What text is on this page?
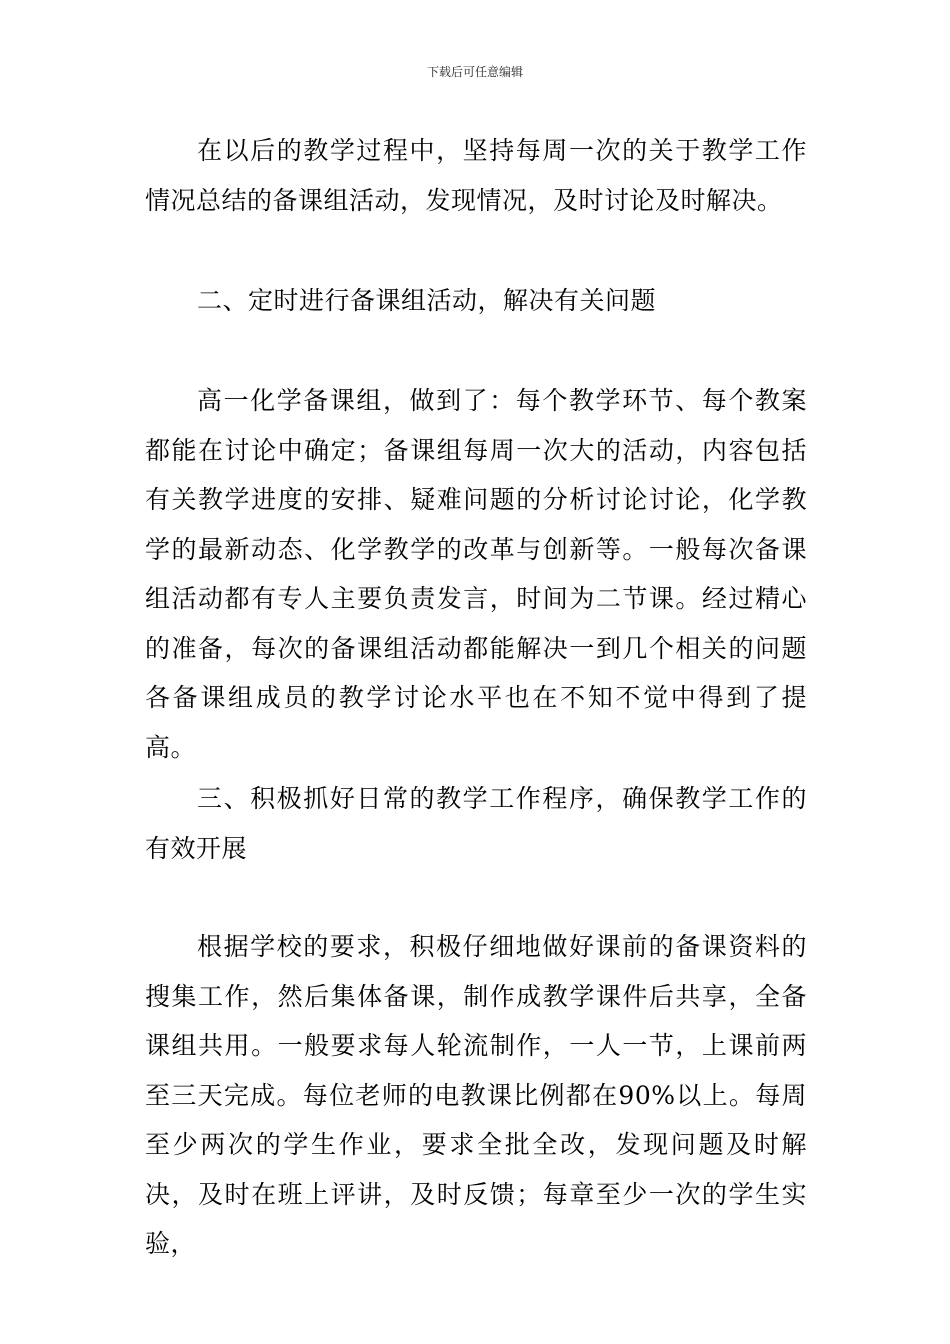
下载后可任意编辑

在以后的教学过程中，坚持每周一次的关于教学工作情况总结的备课组活动，发现情况，及时讨论及时解决。

二、定时进行备课组活动，解决有关问题

高一化学备课组，做到了：每个教学环节、每个教案都能在讨论中确定；备课组每周一次大的活动，内容包括有关教学进度的安排、疑难问题的分析讨论讨论，化学教学的最新动态、化学教学的改革与创新等。一般每次备课组活动都有专人主要负责发言，时间为二节课。经过精心的准备，每次的备课组活动都能解决一到几个相关的问题各备课组成员的教学讨论水平也在不知不觉中得到了提高。

三、积极抓好日常的教学工作程序，确保教学工作的有效开展

根据学校的要求，积极仔细地做好课前的备课资料的搜集工作，然后集体备课，制作成教学课件后共享，全备课组共用。一般要求每人轮流制作，一人一节，上课前两至三天完成。每位老师的电教课比例都在90%以上。每周至少两次的学生作业，要求全批全改，发现问题及时解决，及时在班上评讲，及时反馈；每章至少一次的学生实验，
